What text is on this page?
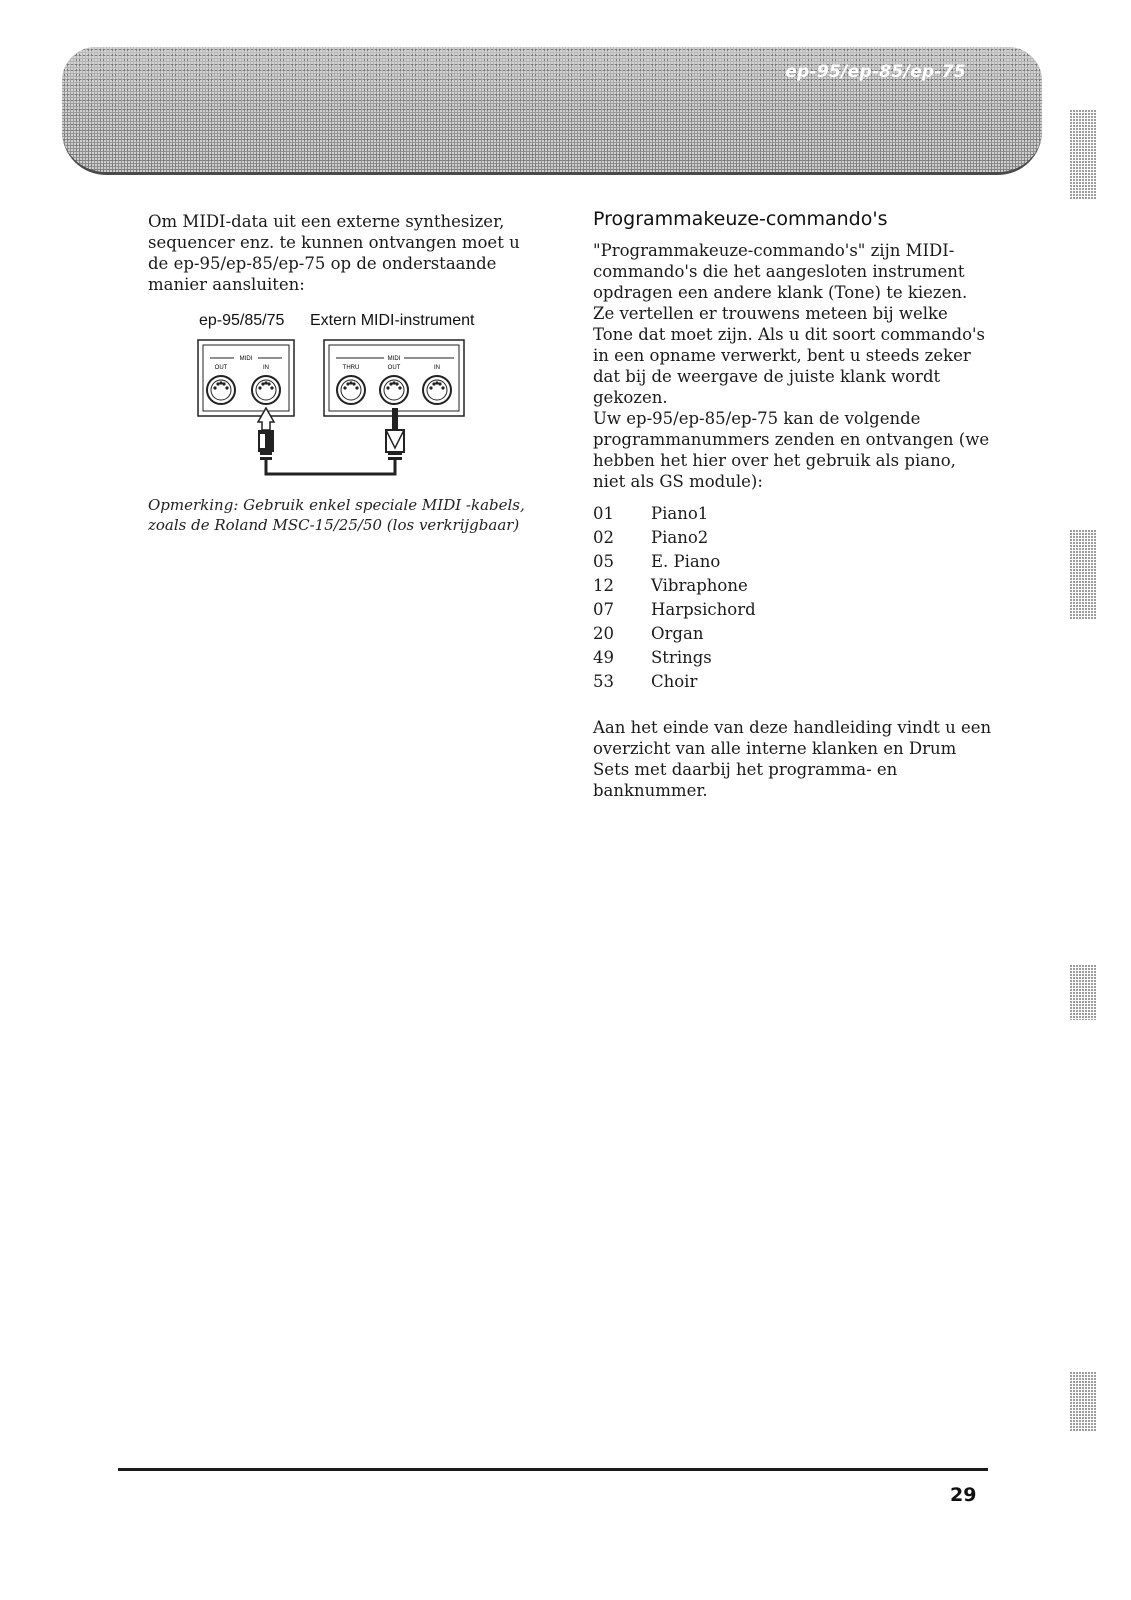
ep-95/ep-85/ep-75
Om MIDI-data uit een externe synthesizer, sequencer enz. te kunnen ontvangen moet u de ep-95/ep-85/ep-75 op de onderstaande manier aansluiten:
ep-95/85/75 Extern MIDI-instrument
MIDI
OUT	IN
MIDI
THRU	OUT	IN
Opmerking: Gebruik enkel speciale MIDI -kabels, zoals de Roland MSC-15/25/50 (los verkrijgbaar)
Programmakeuze-commando's

"Programmakeuze-commando's" zijn MIDI-commando's die het aangesloten instrument opdragen een andere klank (Tone) te kiezen. Ze vertellen er trouwens meteen bij welke Tone dat moet zijn. Als u dit soort commando's in een opname verwerkt, bent u steeds zeker dat bij de weergave de juiste klank wordt gekozen.

Uw ep-95/ep-85/ep-75 kan de volgende programmanummers zenden en ontvangen (we hebben het hier over het gebruik als piano, niet als GS module):

01 Piano1
02 Piano2
05 E. Piano
12 Vibraphone
07 Harpsichord
20 Organ
49 Strings
53 Choir
Aan het einde van deze handleiding vindt u een overzicht van alle interne klanken en Drum Sets met daarbij het programma- en banknummer.
29
